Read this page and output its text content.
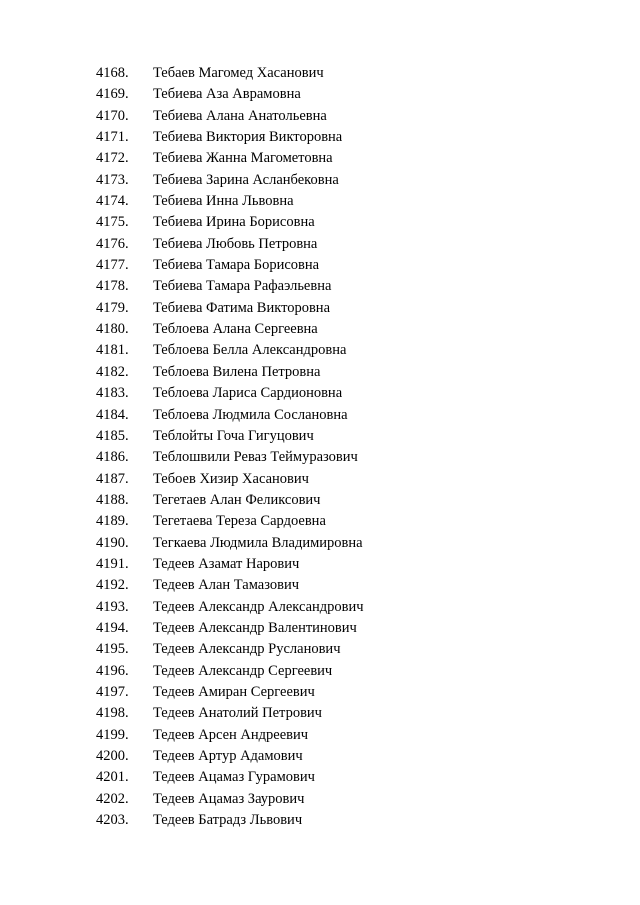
4168. Тебаев Магомед Хасанович
4169. Тебиева Аза Аврамовна
4170. Тебиева Алана Анатольевна
4171. Тебиева Виктория Викторовна
4172. Тебиева Жанна Магометовна
4173. Тебиева Зарина Асланбековна
4174. Тебиева Инна Львовна
4175. Тебиева Ирина Борисовна
4176. Тебиева Любовь Петровна
4177. Тебиева Тамара Борисовна
4178. Тебиева Тамара Рафаэльевна
4179. Тебиева Фатима Викторовна
4180. Теблоева Алана Сергеевна
4181. Теблоева Белла Александровна
4182. Теблоева Вилена Петровна
4183. Теблоева Лариса Сардионовна
4184. Теблоева Людмила Сослановна
4185. Теблойты Гоча Гигуцович
4186. Теблошвили Реваз Теймуразович
4187. Тебоев Хизир Хасанович
4188. Тегетаев Алан Феликсович
4189. Тегетаева Тереза Сардоевна
4190. Тегкаева Людмила Владимировна
4191. Тедеев Азамат Нарович
4192. Тедеев Алан Тамазович
4193. Тедеев Александр Александрович
4194. Тедеев Александр Валентинович
4195. Тедеев Александр Русланович
4196. Тедеев Александр Сергеевич
4197. Тедеев Амиран Сергеевич
4198. Тедеев Анатолий Петрович
4199. Тедеев Арсен Андреевич
4200. Тедеев Артур Адамович
4201. Тедеев Ацамаз Гурамович
4202. Тедеев Ацамаз Заурович
4203. Тедеев Батрадз Львович
